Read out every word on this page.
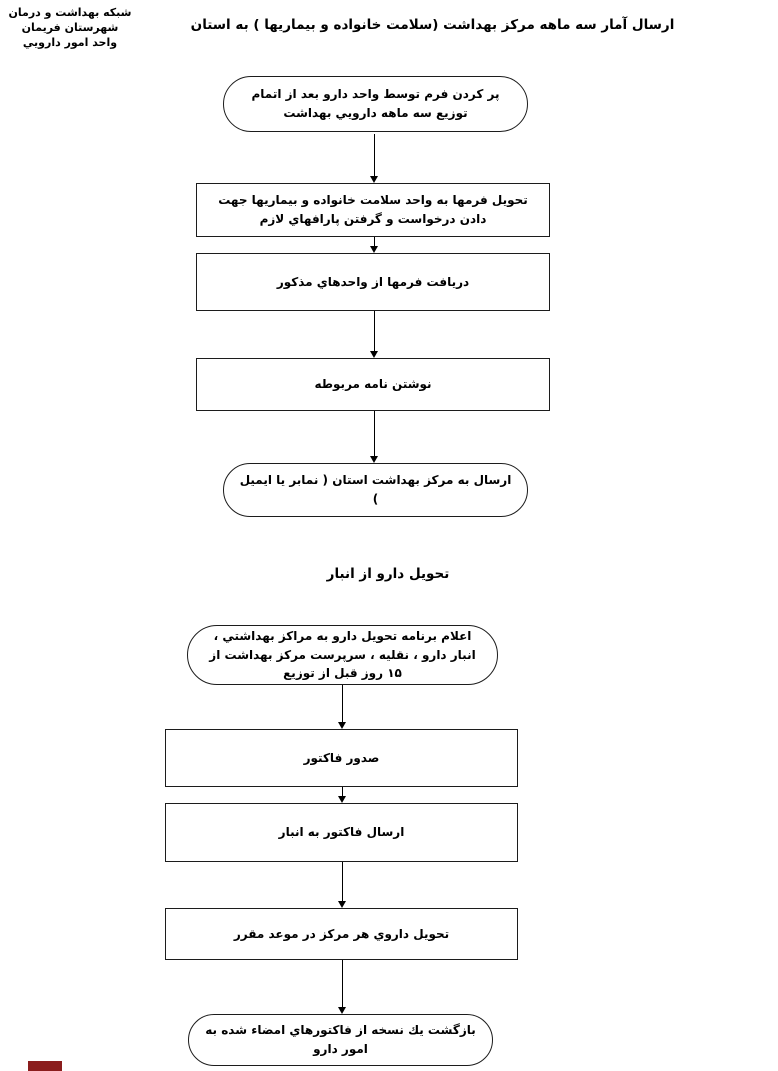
شبكه بهداشت و درمان
شهرستان فريمان
واحد امور دارويي
ارسال آمار سه ماهه مركز بهداشت (سلامت خانواده و بيماريها ) به استان
پر كردن فرم توسط واحد دارو بعد از اتمام توزيع سه ماهه دارويي بهداشت
تحويل فرمها به واحد سلامت خانواده و بيماريها جهت دادن درخواست و گرفتن پارافهاي لازم
دريافت فرمها از واحدهاي مذكور
نوشتن نامه مربوطه
ارسال به مركز بهداشت استان ( نمابر يا ايميل )
تحويل دارو از انبار
اعلام برنامه تحويل دارو به مراكز بهداشتي ، انبار دارو ، نقليه ، سرپرست مركز بهداشت از ۱۵ روز قبل از توزيع
صدور فاكتور
ارسال فاكتور به انبار
تحويل داروي هر مركز در موعد مقرر
بازگشت يك نسخه از فاكتورهاي امضاء شده به امور دارو
